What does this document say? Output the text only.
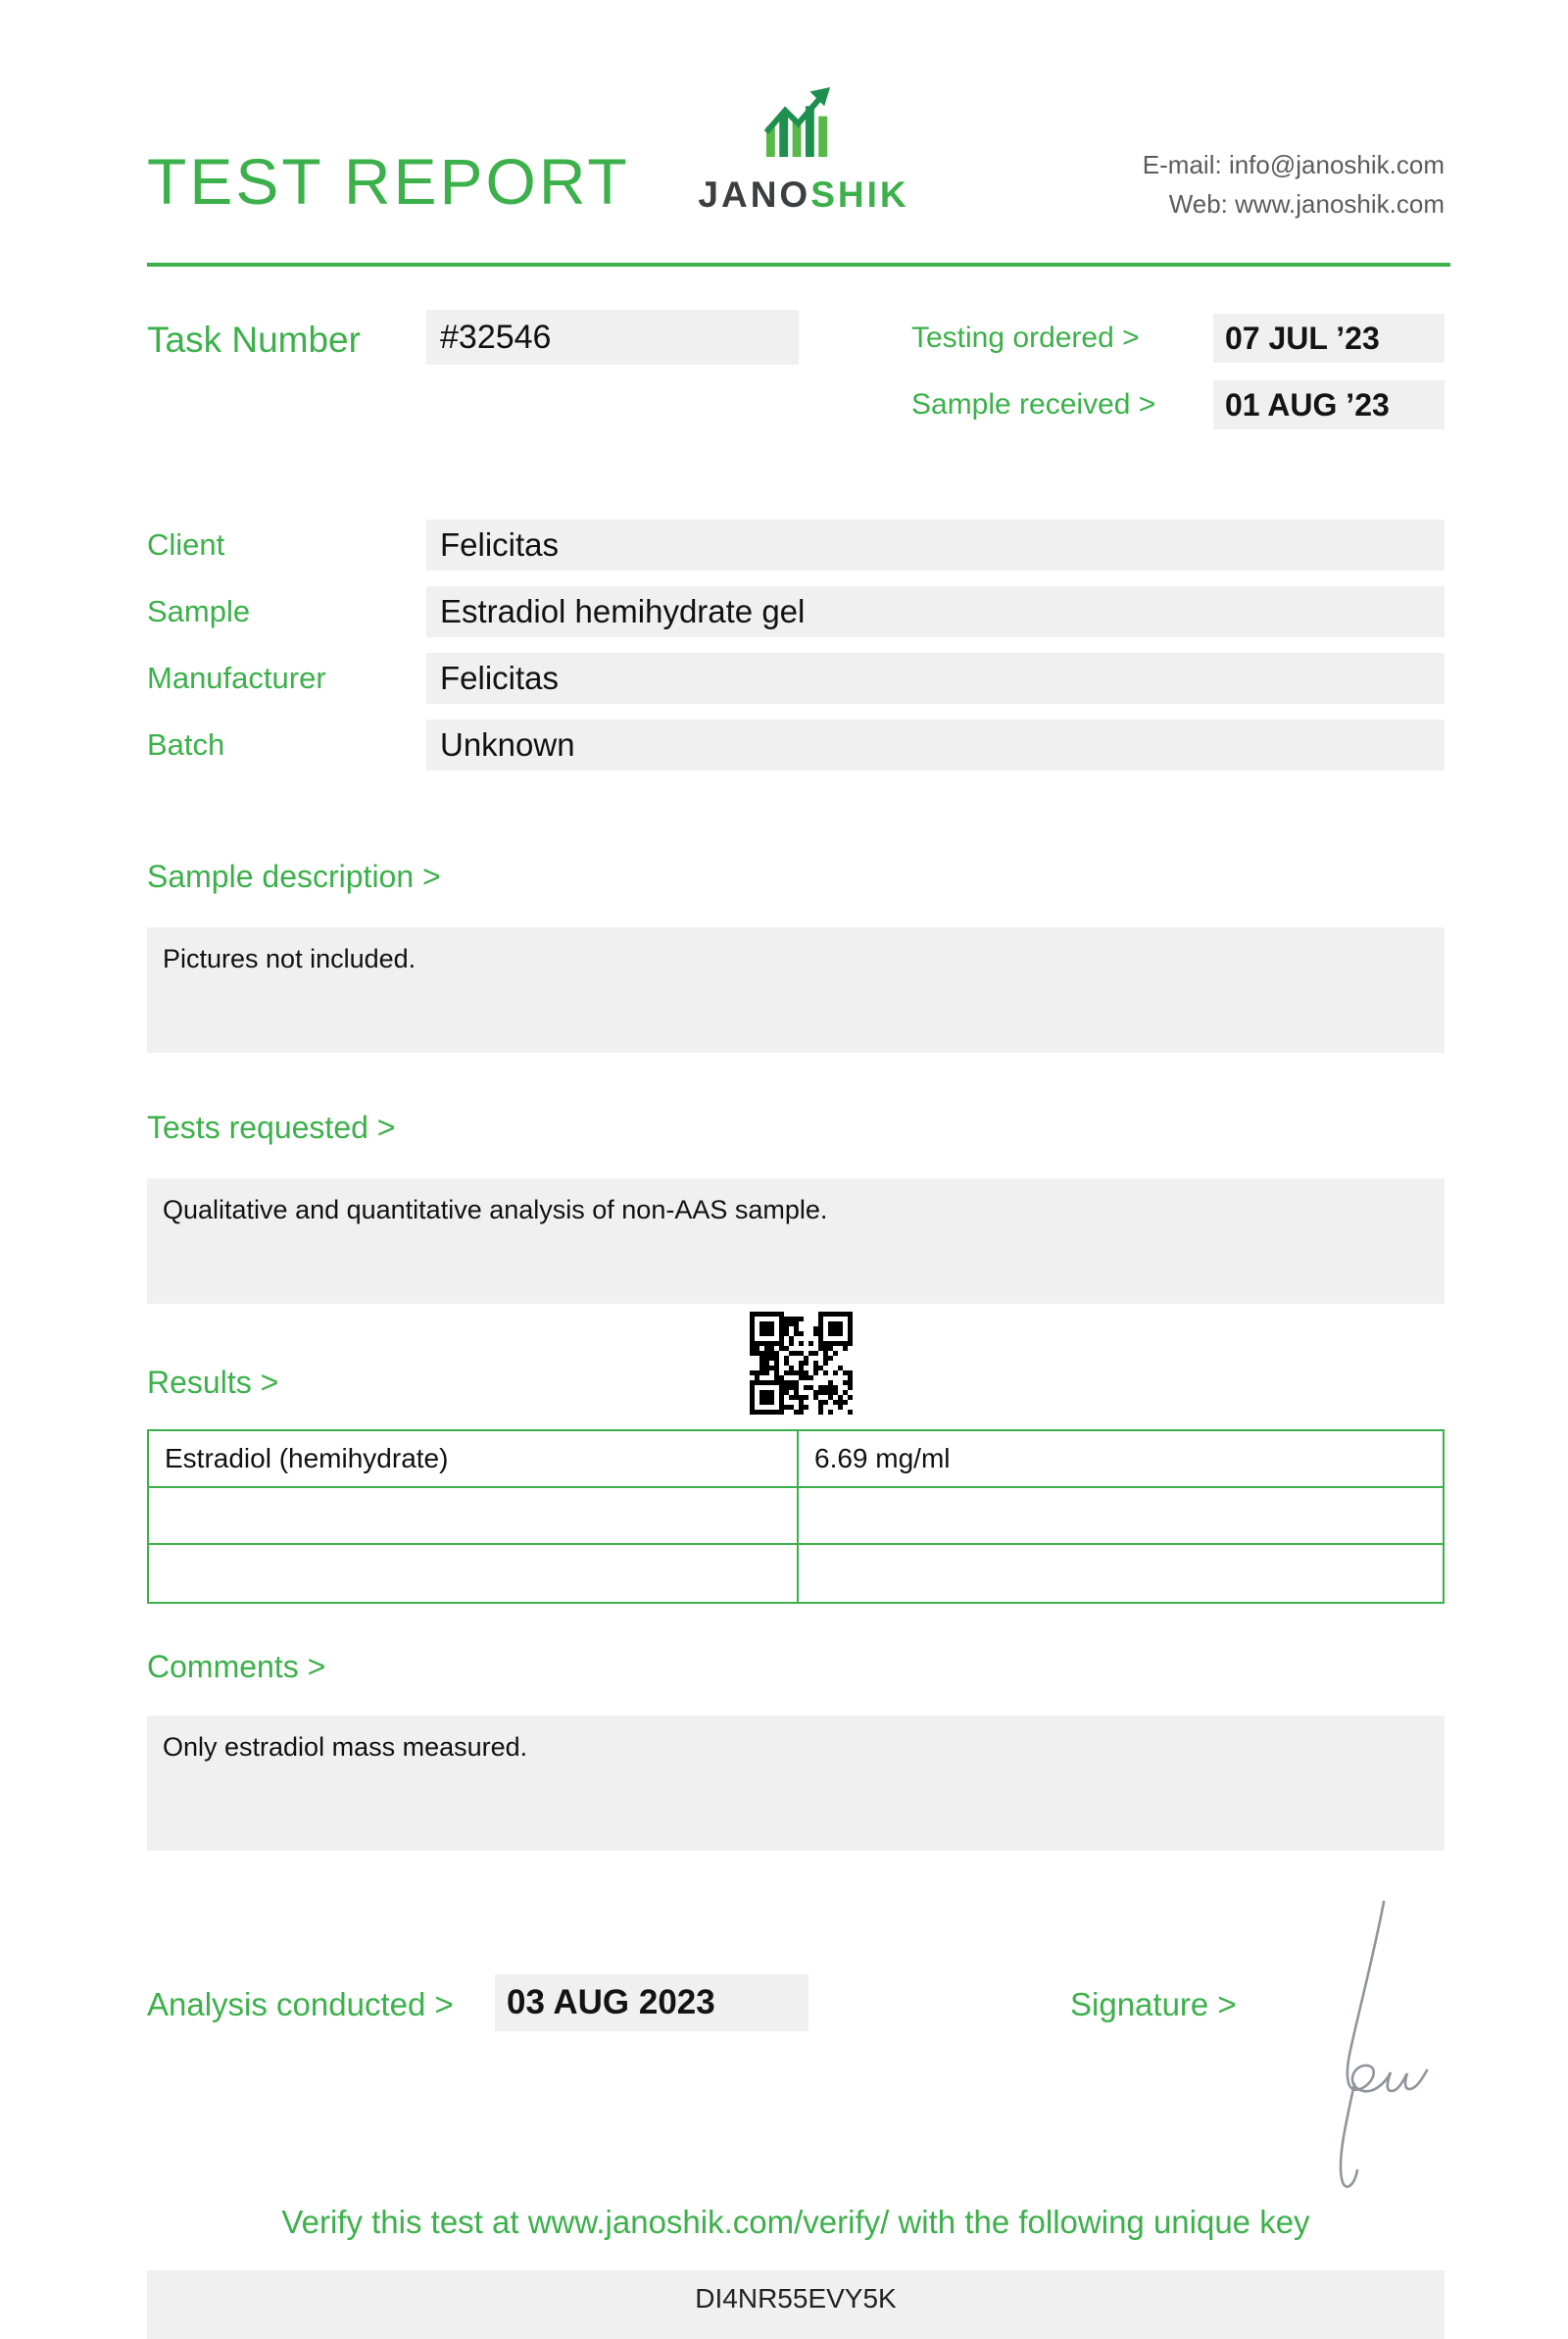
TEST REPORT	JANOSHIK
E-mail: info@janoshik.com
Web: www.janoshik.com
Task Number	#32546	Testing ordered >	07 JUL ’23
Sample received >	01 AUG ’23
Client	Felicitas
Sample	Estradiol hemihydrate gel
Manufacturer	Felicitas
Batch	Unknown
Sample description >
Pictures not included.
Tests requested >
Qualitative and quantitative analysis of non-AAS sample.
Results >
Estradiol (hemihydrate)	6.69 mg/ml
Comments >
Only estradiol mass measured.
Analysis conducted >	03 AUG 2023	Signature >
Verify this test at www.janoshik.com/verify/ with the following unique key
DI4NR55EVY5K
